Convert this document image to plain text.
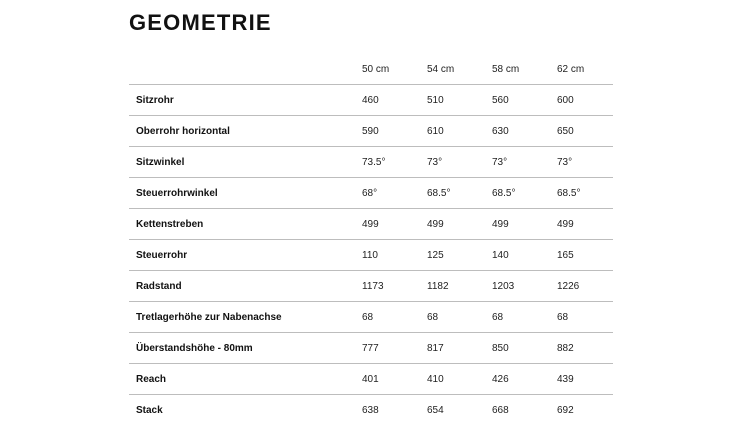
GEOMETRIE
	50 cm	54 cm	58 cm	62 cm
Sitzrohr	460	510	560	600
Oberrohr horizontal	590	610	630	650
Sitzwinkel	73.5°	73°	73°	73°
Steuerrohrwinkel	68°	68.5°	68.5°	68.5°
Kettenstreben	499	499	499	499
Steuerrohr	110	125	140	165
Radstand	1173	1182	1203	1226
Tretlagerhöhe zur Nabenachse	68	68	68	68
Überstandshöhe - 80mm	777	817	850	882
Reach	401	410	426	439
Stack	638	654	668	692
